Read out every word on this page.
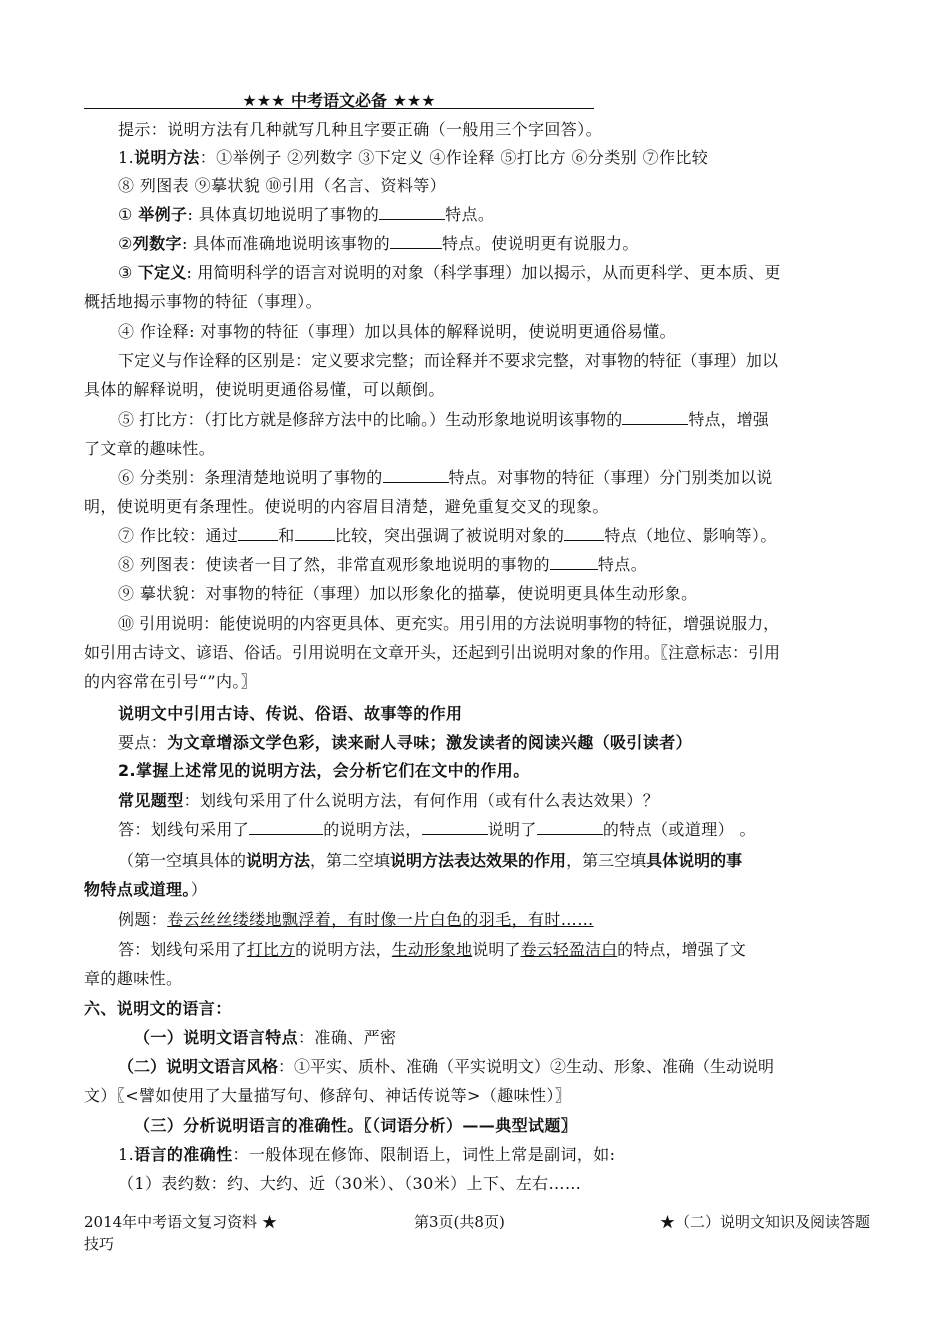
★★★ 中考语文必备 ★★★
提示：说明方法有几种就写几种且字要正确（一般用三个字回答）。
1.说明方法：①举例子 ②列数字 ③下定义 ④作诠释 ⑤打比方 ⑥分类别 ⑦作比较
⑧ 列图表 ⑨摹状貌 ⑩引用（名言、资料等）
① 举例子: 具体真切地说明了事物的	特点。
②列数字: 具体而准确地说明该事物的	特点。使说明更有说服力。
③ 下定义: 用简明科学的语言对说明的对象（科学事理）加以揭示，从而更科学、更本质、更
概括地揭示事物的特征（事理）。
④ 作诠释: 对事物的特征（事理）加以具体的解释说明，使说明更通俗易懂。
下定义与作诠释的区别是：定义要求完整；而诠释并不要求完整，对事物的特征（事理）加以
具体的解释说明，使说明更通俗易懂，可以颠倒。
⑤ 打比方：（打比方就是修辞方法中的比喻。）生动形象地说明该事物的	特点，增强
了文章的趣味性。
⑥ 分类别：条理清楚地说明了事物的	特点。对事物的特征（事理）分门别类加以说
明，使说明更有条理性。使说明的内容眉目清楚，避免重复交叉的现象。
⑦ 作比较：通过	和	比较，突出强调了被说明对象的	特点（地位、影响等）。
⑧ 列图表：使读者一目了然，非常直观形象地说明的事物的	特点。
⑨ 摹状貌：对事物的特征（事理）加以形象化的描摹，使说明更具体生动形象。
⑩ 引用说明：能使说明的内容更具体、更充实。用引用的方法说明事物的特征，增强说服力，
如引用古诗文、谚语、俗话。引用说明在文章开头，还起到引出说明对象的作用。〖注意标志：引用
的内容常在引号“”内。〗
说明文中引用古诗、传说、俗语、故事等的作用
要点：为文章增添文学色彩，读来耐人寻味；激发读者的阅读兴趣（吸引读者）
2.掌握上述常见的说明方法，会分析它们在文中的作用。
常见题型：划线句采用了什么说明方法，有何作用（或有什么表达效果）？
答：划线句采用了	的说明方法，	说明了	的特点（或道理） 。
（第一空填具体的说明方法，第二空填说明方法表达效果的作用，第三空填具体说明的事
物特点或道理。）
例题：卷云丝丝缕缕地飘浮着，有时像一片白色的羽毛，有时……
答：划线句采用了打比方的说明方法，生动形象地说明了卷云轻盈洁白的特点，增强了文
章的趣味性。
六、说明文的语言：
（一）说明文语言特点：准确、严密
（二）说明文语言风格：①平实、质朴、准确（平实说明文）②生动、形象、准确（生动说明
文）〖<譬如使用了大量描写句、修辞句、神话传说等>（趣味性）〗
（三）分析说明语言的准确性。〖（词语分析）——典型试题〗
1.语言的准确性：一般体现在修饰、限制语上，词性上常是副词，如:
（1）表约数：约、大约、近（30米）、（30米）上下、左右……
2014年中考语文复习资料 ★	第3页(共8页)	★（二）说明文知识及阅读答题
技巧
